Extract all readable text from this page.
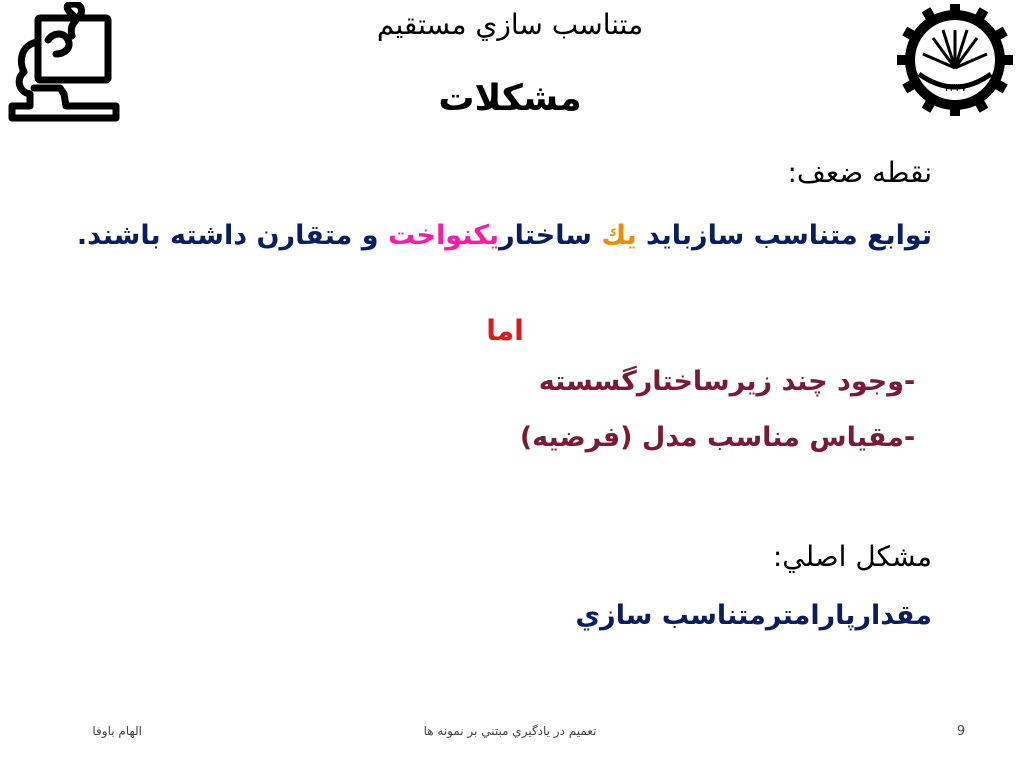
۱۳۳۷
متناسب سازي مستقيم
مشكلات
نقطه ضعف:
توابع متناسب سازبايد يك ساختاريكنواخت و متقارن داشته باشند.
اما
-وجود چند زيرساختارگسسته
-مقياس مناسب مدل (فرضيه)
مشكل اصلي:
مقدارپارامترمتناسب سازي
الهام باوفا	تعميم در يادگيري مبتني بر نمونه ها	9
